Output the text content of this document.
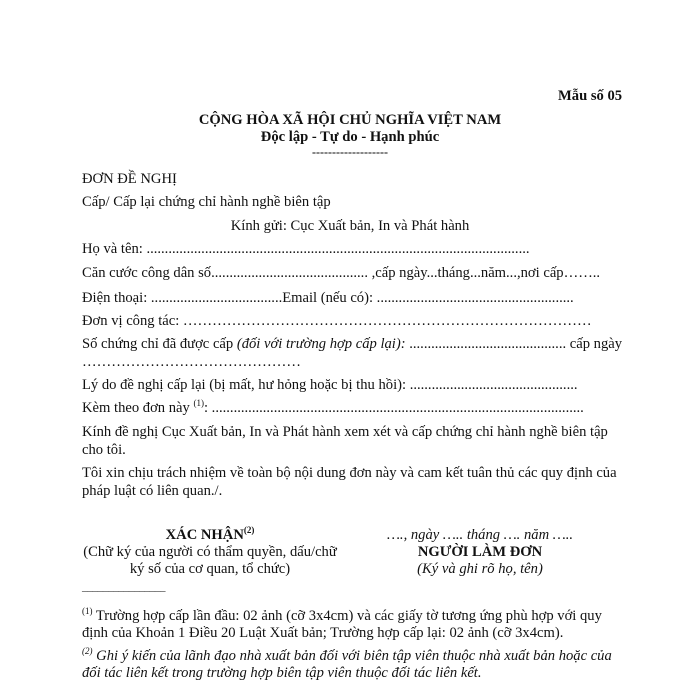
Mẫu số 05
CỘNG HÒA XÃ HỘI CHỦ NGHĨA VIỆT NAM
Độc lập - Tự do - Hạnh phúc
-------------------
ĐƠN ĐỀ NGHỊ
Cấp/ Cấp lại chứng chỉ hành nghề biên tập
Kính gửi: Cục Xuất bản, In và Phát hành
Họ và tên: .........................................................................................................
Căn cước công dân số........................................... ,cấp ngày...tháng...năm...,nơi cấp……..
Điện thoại: ....................................Email (nếu có): ......................................................
Đơn vị công tác: …………………………………………………………………………
Số chứng chỉ đã được cấp (đối với trường hợp cấp lại): ........................................... cấp ngày
………………………………………
Lý do đề nghị cấp lại (bị mất, hư hỏng hoặc bị thu hồi): ..............................................
Kèm theo đơn này $^{(1)}$: ......................................................................................................
Kính đề nghị Cục Xuất bản, In và Phát hành xem xét và cấp chứng chỉ hành nghề biên tập cho tôi.
Tôi xin chịu trách nhiệm về toàn bộ nội dung đơn này và cam kết tuân thủ các quy định của pháp luật có liên quan./.
XÁC NHẬN$^{(2)}$
(Chữ ký của người có thẩm quyền, dấu/chữ
ký số của cơ quan, tổ chức)
…., ngày ….. tháng …. năm …..
NGƯỜI LÀM ĐƠN
(Ký và ghi rõ họ, tên)
________________
$^{(1)}$ Trường hợp cấp lần đầu: 02 ảnh (cỡ 3x4cm) và các giấy tờ tương ứng phù hợp với quy định của Khoản 1 Điều 20 Luật Xuất bản; Trường hợp cấp lại: 02 ảnh (cỡ 3x4cm).
$^{(2)}$ Ghi ý kiến của lãnh đạo nhà xuất bản đối với biên tập viên thuộc nhà xuất bản hoặc của đối tác liên kết trong trường hợp biên tập viên thuộc đối tác liên kết.
